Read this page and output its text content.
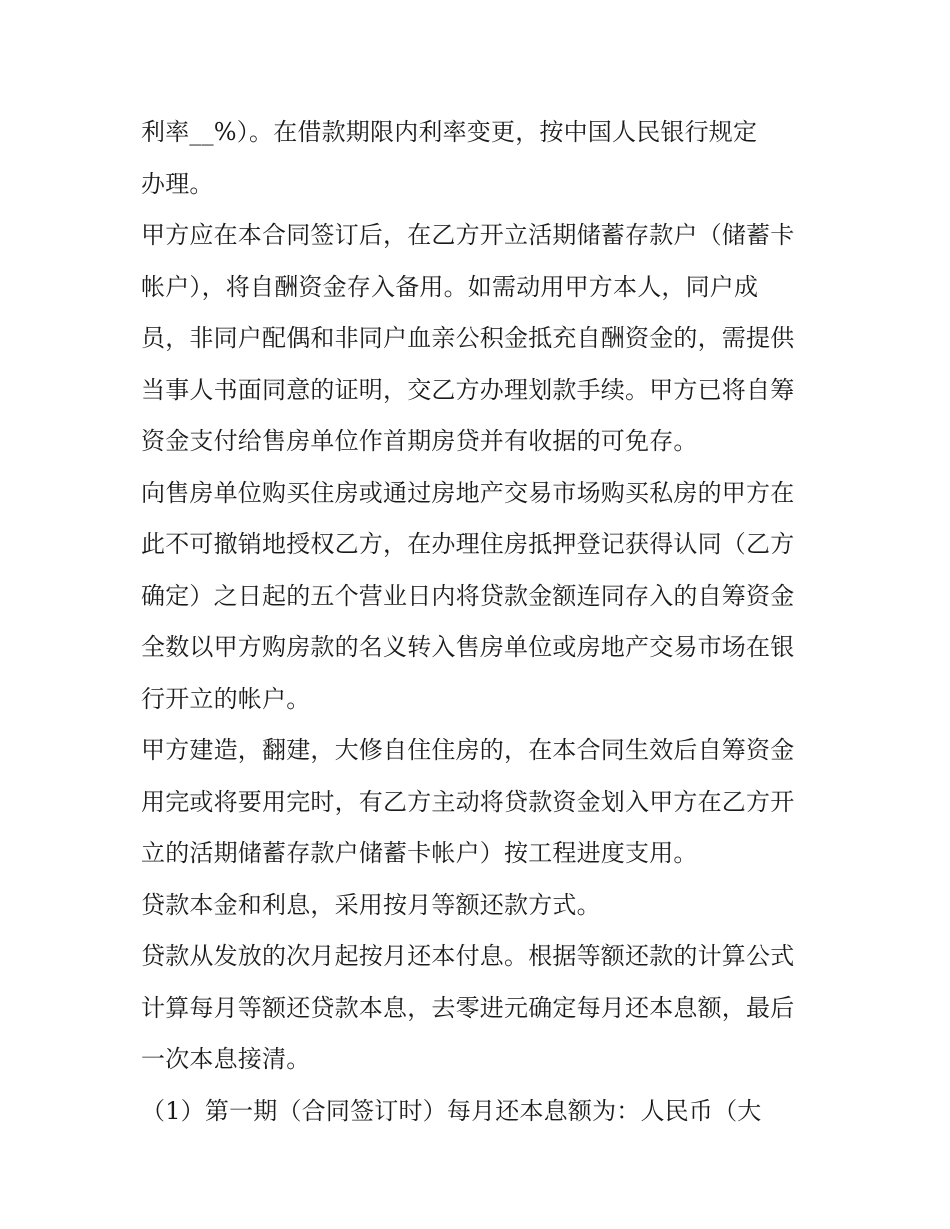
利率__%）。在借款期限内利率变更，按中国人民银行规定
办理。

甲方应在本合同签订后，在乙方开立活期储蓄存款户（储蓄卡
帐户），将自酬资金存入备用。如需动用甲方本人，同户成
员，非同户配偶和非同户血亲公积金抵充自酬资金的，需提供
当事人书面同意的证明，交乙方办理划款手续。甲方已将自筹
资金支付给售房单位作首期房贷并有收据的可免存。

向售房单位购买住房或通过房地产交易市场购买私房的甲方在
此不可撤销地授权乙方，在办理住房抵押登记获得认同（乙方
确定）之日起的五个营业日内将贷款金额连同存入的自筹资金
全数以甲方购房款的名义转入售房单位或房地产交易市场在银
行开立的帐户。

甲方建造，翻建，大修自住住房的，在本合同生效后自筹资金
用完或将要用完时，有乙方主动将贷款资金划入甲方在乙方开
立的活期储蓄存款户储蓄卡帐户）按工程进度支用。

贷款本金和利息，采用按月等额还款方式。

贷款从发放的次月起按月还本付息。根据等额还款的计算公式
计算每月等额还贷款本息，去零进元确定每月还本息额，最后
一次本息接清。

（1）第一期（合同签订时）每月还本息额为：人民币（大
